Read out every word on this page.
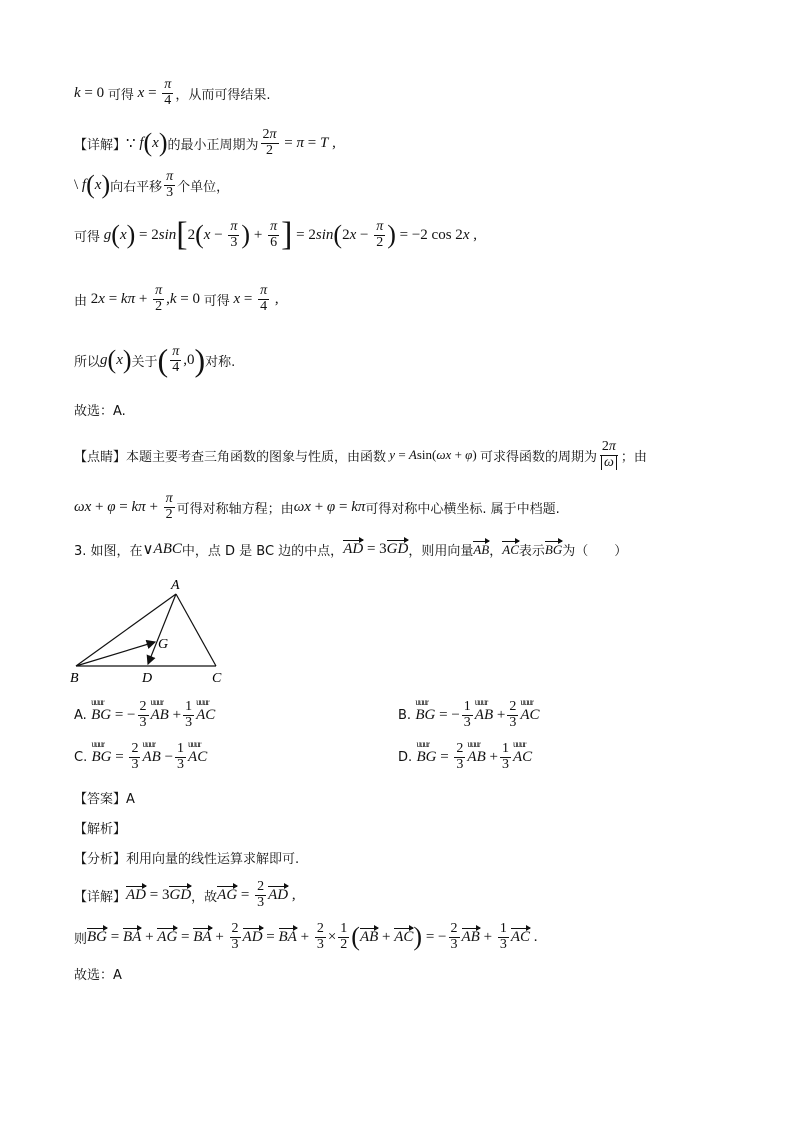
k = 0 可得 $x = \frac{\pi}{4}$ ，从而可得结果.
【详解】 ∵ f ( x ) 的最小正周期为 $\frac{2\pi}{2} = \pi = T$ ,
\ f ( x ) 向右平移 $\frac{\pi}{3}$ 个单位，
可得 g ( x ) = 2 sin [ 2 ( $x - \frac{\pi}{3}$ ) + $\frac{\pi}{6}$ ] = 2 sin ( 2 $x - \frac{\pi}{2}$ ) = −2 cos 2 x ,
由 2 $x = k\pi + \frac{\pi}{2}$ , k = 0 可得 $x = \frac{\pi}{4}$ ,
所以 g ( x ) 关于 ( $\frac{\pi}{4} ,0$ ) 对称.
故选：A.
【点睛】 本题主要考查三角函数的图象与性质，由函数 y = A sin( ωx + φ ) 可求得函数的周期为 $\frac{2\pi}{\omega}$ ；由
$\omega x + \varphi = k\pi + \frac{\pi}{2}$ 可得对称轴方程；由 ωx + φ = kπ 可得对称中心横坐标. 属于中档题.
3. 如图，在 ∨ ABC 中，点 D 是 BC 边的中点， AD = 3 GD ，则用向量 AB ， AC 表示 BG 为（　　）
A
B	C
D
G
A.

uuur
BG = − $\frac{2}{3}$ uuur
AB + $\frac{1}{3}$ uuur
AC	B.

uuur
BG = − $\frac{1}{3}$ uuur
AB + $\frac{2}{3}$ uuur
AC
C.

uuur
BG = $\frac{2}{3}$ uuur
AB − $\frac{1}{3}$ uuur
AC	D.

uuur
BG = $\frac{2}{3}$ uuur
AB + $\frac{1}{3}$ uuur
AC
【答案】A
【解析】
【分析】 利用向量的线性运算求解即可.
【详解】 AD = 3 GD ，故 AG = $\frac{2}{3}$ AD ,
则 BG = BA + AG = BA + $\frac{2}{3}$ AD = BA + $\frac{2}{3} \times \frac{1}{2}$ ( AB + AC ) = − $\frac{2}{3}$ AB + $\frac{1}{3}$ AC .
故选：A
